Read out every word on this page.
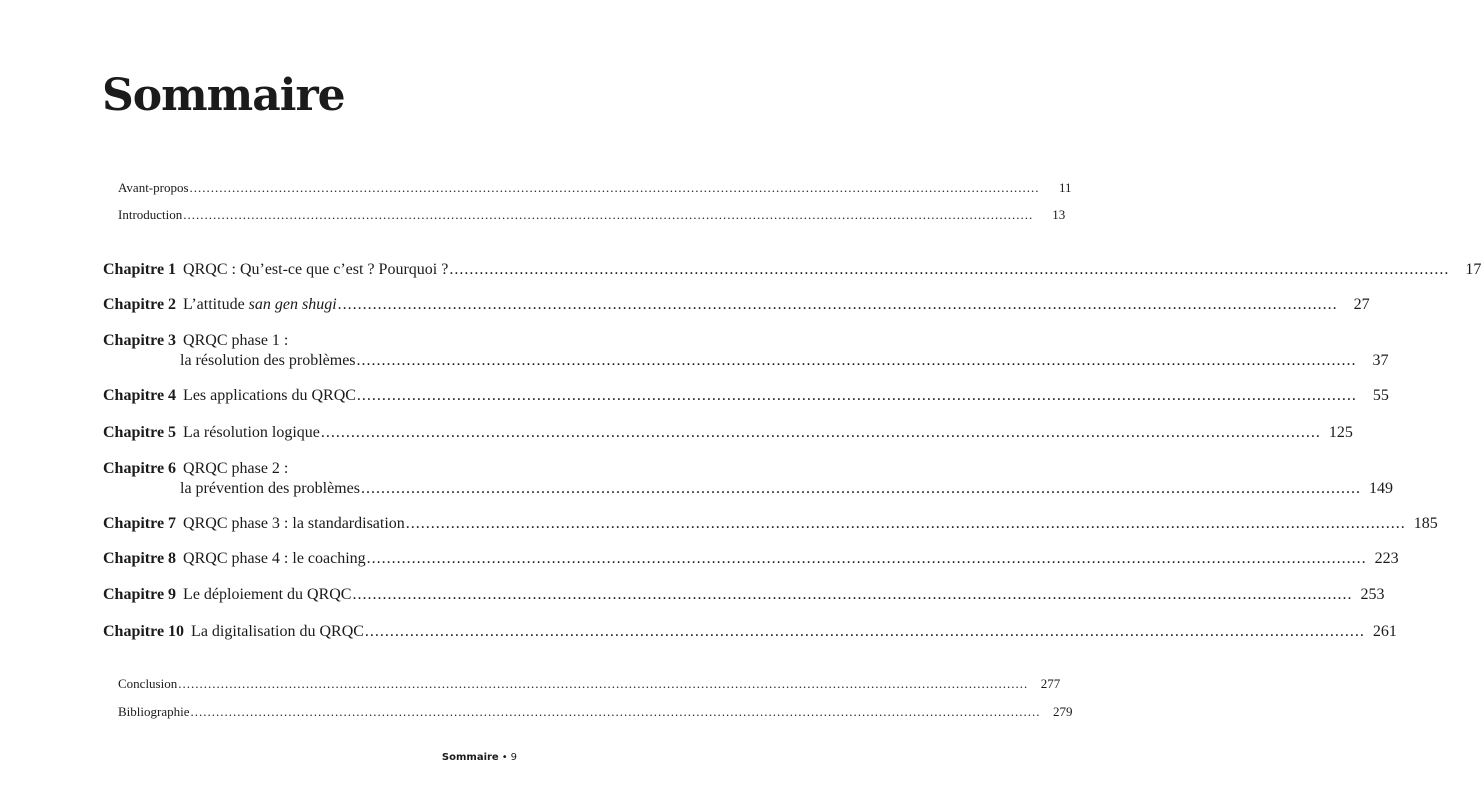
Sommaire
Avant-propos ........................................................................................................................................................................................................	11
Introduction ........................................................................................................................................................................................................	13
Chapitre 1 QRQC : Qu’est-ce que c’est ? Pourquoi ? ........................................................................................................................................................................................................	17
Chapitre 2 L’attitude san gen shugi ........................................................................................................................................................................................................	27
Chapitre 3 QRQC phase 1 :
la résolution des problèmes ........................................................................................................................................................................................................	37
Chapitre 4 Les applications du QRQC ........................................................................................................................................................................................................	55
Chapitre 5 La résolution logique ........................................................................................................................................................................................................ 125
Chapitre 6 QRQC phase 2 :
la prévention des problèmes ........................................................................................................................................................................................................ 149
Chapitre 7 QRQC phase 3 : la standardisation ........................................................................................................................................................................................................ 185
Chapitre 8 QRQC phase 4 : le coaching ........................................................................................................................................................................................................ 223
Chapitre 9 Le déploiement du QRQC ........................................................................................................................................................................................................ 253
Chapitre 10 La digitalisation du QRQC ........................................................................................................................................................................................................ 261
Conclusion ........................................................................................................................................................................................................ 277
Bibliographie ........................................................................................................................................................................................................ 279
Sommaire • 9
